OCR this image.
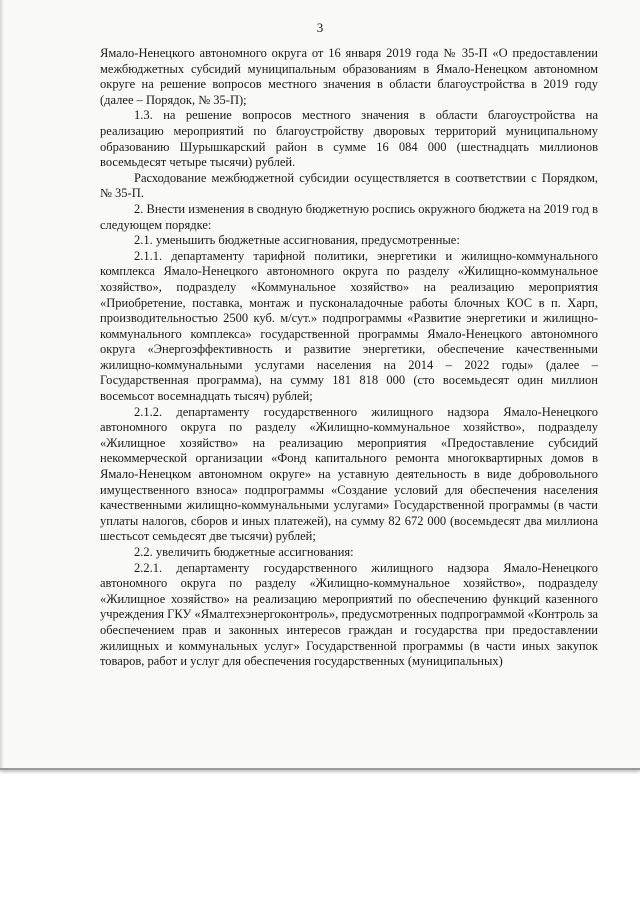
3

Ямало-Ненецкого автономного округа от 16 января 2019 года № 35-П «О предоставлении межбюджетных субсидий муниципальным образованиям в Ямало-Ненецком автономном округе на решение вопросов местного значения в области благоустройства в 2019 году (далее – Порядок, № 35-П);

1.3. на решение вопросов местного значения в области благоустройства на реализацию мероприятий по благоустройству дворовых территорий муниципальному образованию Шурышкарский район в сумме 16 084 000 (шестнадцать миллионов восемьдесят четыре тысячи) рублей.

Расходование межбюджетной субсидии осуществляется в соответствии с Порядком, № 35-П.

2. Внести изменения в сводную бюджетную роспись окружного бюджета на 2019 год в следующем порядке:

2.1. уменьшить бюджетные ассигнования, предусмотренные:

2.1.1. департаменту тарифной политики, энергетики и жилищно-коммунального комплекса Ямало-Ненецкого автономного округа по разделу «Жилищно-коммунальное хозяйство», подразделу «Коммунальное хозяйство» на реализацию мероприятия «Приобретение, поставка, монтаж и пусконаладочные работы блочных КОС в п. Харп, производительностью 2500 куб. м/сут.» подпрограммы «Развитие энергетики и жилищно-коммунального комплекса» государственной программы Ямало-Ненецкого автономного округа «Энергоэффективность и развитие энергетики, обеспечение качественными жилищно-коммунальными услугами населения на 2014 – 2022 годы» (далее – Государственная программа), на сумму 181 818 000 (сто восемьдесят один миллион восемьсот восемнадцать тысяч) рублей;

2.1.2. департаменту государственного жилищного надзора Ямало-Ненецкого автономного округа по разделу «Жилищно-коммунальное хозяйство», подразделу «Жилищное хозяйство» на реализацию мероприятия «Предоставление субсидий некоммерческой организации «Фонд капитального ремонта многоквартирных домов в Ямало-Ненецком автономном округе» на уставную деятельность в виде добровольного имущественного взноса» подпрограммы «Создание условий для обеспечения населения качественными жилищно-коммунальными услугами» Государственной программы (в части уплаты налогов, сборов и иных платежей), на сумму 82 672 000 (восемьдесят два миллиона шестьсот семьдесят две тысячи) рублей;

2.2. увеличить бюджетные ассигнования:

2.2.1. департаменту государственного жилищного надзора Ямало-Ненецкого автономного округа по разделу «Жилищно-коммунальное хозяйство», подразделу «Жилищное хозяйство» на реализацию мероприятий по обеспечению функций казенного учреждения ГКУ «Ямалтехэнергоконтроль», предусмотренных подпрограммой «Контроль за обеспечением прав и законных интересов граждан и государства при предоставлении жилищных и коммунальных услуг» Государственной программы (в части иных закупок товаров, работ и услуг для обеспечения государственных (муниципальных)
